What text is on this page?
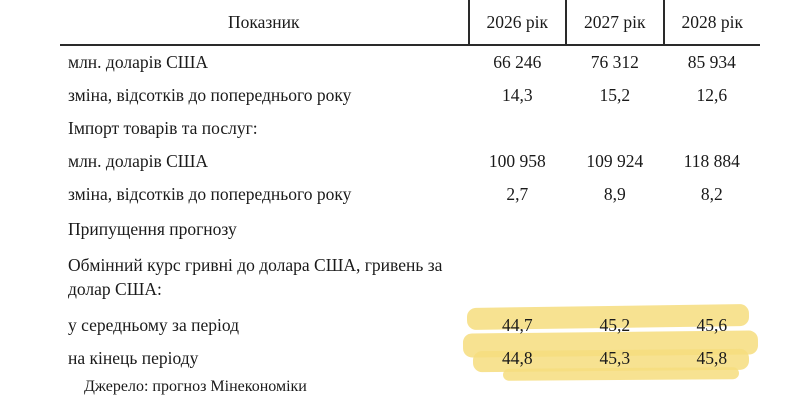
Показник	2026 рік	2027 рік	2028 рік
млн. доларів США	66 246	76 312	85 934
зміна, відсотків до попереднього року	14,3	15,2	12,6
Імпорт товарів та послуг:			
млн. доларів США	100 958	109 924	118 884
зміна, відсотків до попереднього року	2,7	8,9	8,2
Припущення прогнозу			
Обмінний курс гривні до долара США, гривень за долар США:			
у середньому за період	44,7	45,2	45,6
на кінець періоду	44,8	45,3	45,8
Джерело: прогноз Мінекономіки
